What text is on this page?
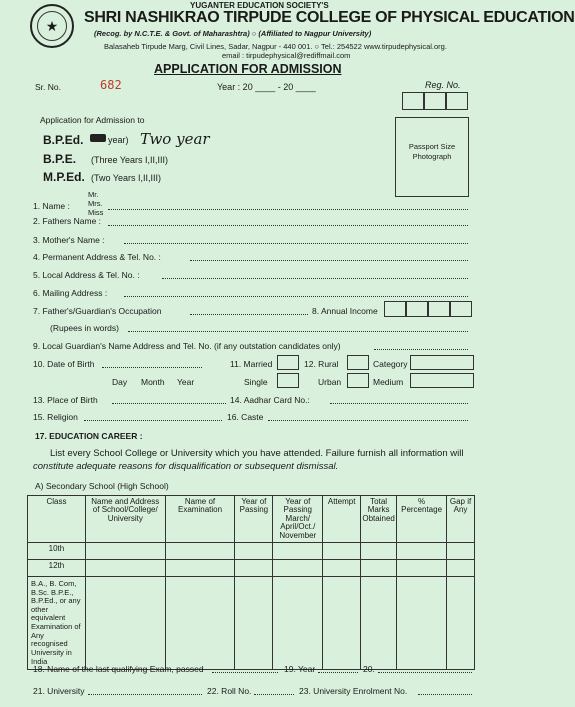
★
YUGANTER EDUCATION SOCIETY'S
SHRI NASHIKRAO TIRPUDE COLLEGE OF PHYSICAL EDUCATION
(Recog. by N.C.T.E. & Govt. of Maharashtra) ○ (Affiliated to Nagpur University)
Balasaheb Tirpude Marg, Civil Lines, Sadar, Nagpur - 440 001. ○ Tel.: 254522 www.tirpudephysical.org.
email : tirpudephysical@rediffmail.com
APPLICATION FOR ADMISSION
Sr. No.	682	Year : 20 ____ - 20 ____	Reg. No.
Passport Size Photograph
Application for Admission to
B.P.Ed.	year) Two year
B.P.E. (Three Years I,II,III)
M.P.Ed. (Two Years I,II,III)
Mr.
Mrs.
Miss
1. Name :
2. Fathers Name :
3. Mother's Name :
4. Permanent Address & Tel. No. :
5. Local Address & Tel. No. :
6. Mailing Address :
7. Father's/Guardian's Occupation	8. Annual Income
(Rupees in words)
9. Local Guardian's Name Address and Tel. No. (if any outstation candidates only)
10. Date of Birth
Day Month Year
11. Married
Single
12. Rural
Urban
Category
Medium
13. Place of Birth	14. Aadhar Card No.:
15. Religion	16. Caste
17. EDUCATION CAREER :
List every School College or University which you have attended. Failure furnish all information will
constitute adequate reasons for disqualification or subsequent dismissal.
A) Secondary School (High School)
Class	Name and Address of School/College/ University	Name of Examination	Year of Passing	Year of Passing March/ April/Oct./ November	Attempt	Total Marks Obtained	% Percentage	Gap if Any
10th								
12th								
B.A., B. Com, B.Sc. B.P.E., B.P.Ed., or any other equivalent Examination of Any recognised University in India								
18. Name of the last qualifying Exam, passed	19. Year	20.
21. University	22. Roll No.	23. University Enrolment No.
